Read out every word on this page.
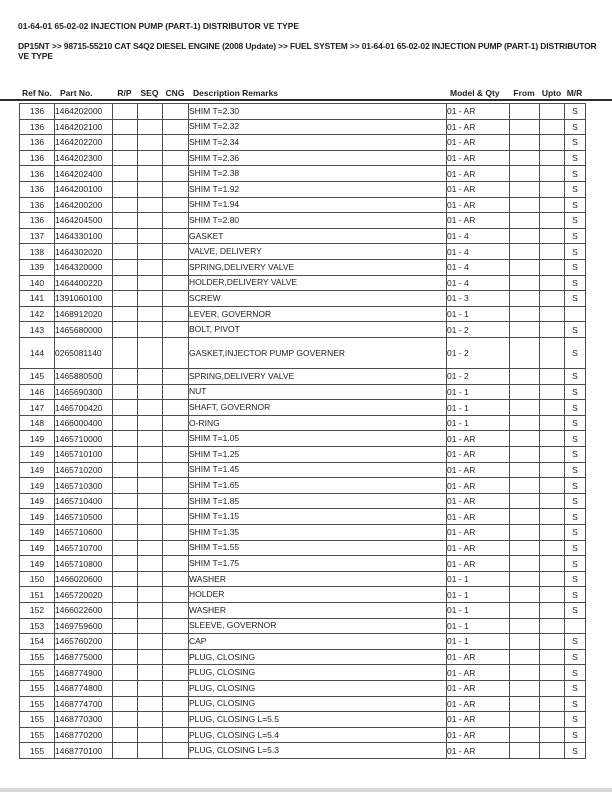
01-64-01 65-02-02 INJECTION PUMP (PART-1) DISTRIBUTOR VE TYPE
DP15NT >> 98715-55210 CAT S4Q2 DIESEL ENGINE (2008 Update) >> FUEL SYSTEM >> 01-64-01 65-02-02 INJECTION PUMP (PART-1) DISTRIBUTOR VE TYPE
Ref No. Part No.	R/P	SEQ CNG	Description Remarks	Model & Qty	From Upto M/R
136	1464202000				SHIM T=2.30	01 - AR			S
136	1464202100				SHIM T=2.32	01 - AR			S
136	1464202200				SHIM T=2.34	01 - AR			S
136	1464202300				SHIM T=2.36	01 - AR			S
136	1464202400				SHIM T=2.38	01 - AR			S
136	1464200100				SHIM T=1.92	01 - AR			S
136	1464200200				SHIM T=1.94	01 - AR			S
136	1464204500				SHIM T=2.80	01 - AR			S
137	1464330100				GASKET	01 - 4			S
138	1464302020				VALVE, DELIVERY	01 - 4			S
139	1464320000				SPRING,DELIVERY VALVE	01 - 4			S
140	1464400220				HOLDER,DELIVERY VALVE	01 - 4			S
141	1391060100				SCREW	01 - 3			S
142	1468912020				LEVER, GOVERNOR	01 - 1			
143	1465680000				BOLT, PIVOT	01 - 2			S
144	0265081140				GASKET,INJECTOR PUMP GOVERNER	01 - 2			S
145	1465880500				SPRING,DELIVERY VALVE	01 - 2			S
146	1465690300				NUT	01 - 1			S
147	1465700420				SHAFT, GOVERNOR	01 - 1			S
148	1466000400				O-RING	01 - 1			S
149	1465710000				SHIM T=1.05	01 - AR			S
149	1465710100				SHIM T=1.25	01 - AR			S
149	1465710200				SHIM T=1.45	01 - AR			S
149	1465710300				SHIM T=1.65	01 - AR			S
149	1465710400				SHIM T=1.85	01 - AR			S
149	1465710500				SHIM T=1.15	01 - AR			S
149	1465710600				SHIM T=1.35	01 - AR			S
149	1465710700				SHIM T=1.55	01 - AR			S
149	1465710800				SHIM T=1.75	01 - AR			S
150	1466020600				WASHER	01 - 1			S
151	1465720020				HOLDER	01 - 1			S
152	1466022600				WASHER	01 - 1			S
153	1469759600				SLEEVE, GOVERNOR	01 - 1			
154	1465760200				CAP	01 - 1			S
155	1468775000				PLUG, CLOSING	01 - AR			S
155	1468774900				PLUG, CLOSING	01 - AR			S
155	1468774800				PLUG, CLOSING	01 - AR			S
155	1468774700				PLUG, CLOSING	01 - AR			S
155	1468770300				PLUG, CLOSING L=5.5	01 - AR			S
155	1468770200				PLUG, CLOSING L=5.4	01 - AR			S
155	1468770100				PLUG, CLOSING L=5.3	01 - AR			S
